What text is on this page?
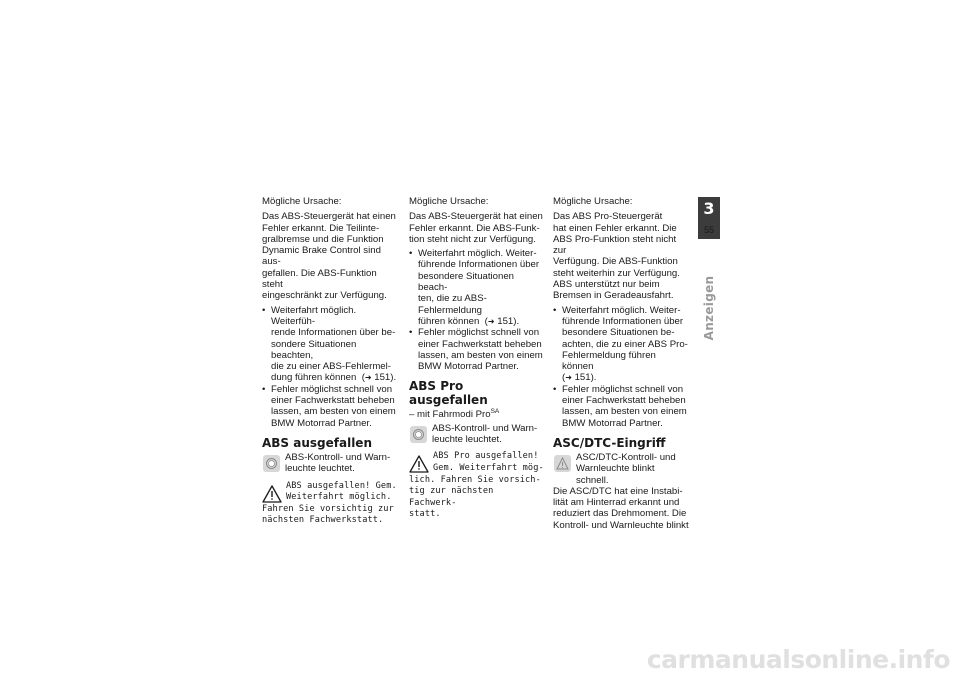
Mögliche Ursache:

Das ABS-Steuergerät hat einen
Fehler erkannt. Die Teilinte-
gralbremse und die Funktion
Dynamic Brake Control sind aus-
gefallen. Die ABS-Funktion steht
eingeschränkt zur Verfügung.

• Weiterfahrt möglich. Weiterfüh-
rende Informationen über be-
sondere Situationen beachten,
die zu einer ABS-Fehlermel-
dung führen können  (➜ 151).
• Fehler möglichst schnell von
einer Fachwerkstatt beheben
lassen, am besten von einem
BMW Motorrad Partner.
ABS ausgefallen
ABS-Kontroll- und Warn-
leuchte leuchtet.
ABS ausgefallen! Gem.
Weiterfahrt möglich.
Fahren Sie vorsichtig zur
nächsten Fachwerkstatt.

Mögliche Ursache:

Das ABS-Steuergerät hat einen
Fehler erkannt. Die ABS-Funk-
tion steht nicht zur Verfügung.

• Weiterfahrt möglich. Weiter-
führende Informationen über
besondere Situationen beach-
ten, die zu ABS-Fehlermeldung
führen können  (➜ 151).
• Fehler möglichst schnell von
einer Fachwerkstatt beheben
lassen, am besten von einem
BMW Motorrad Partner.
ABS Pro ausgefallen

– mit Fahrmodi Pro$^{SA}$

ABS-Kontroll- und Warn-
leuchte leuchtet.
ABS Pro ausgefallen!
Gem. Weiterfahrt mög-
lich. Fahren Sie vorsich-
tig zur nächsten Fachwerk-
statt.

Mögliche Ursache:

Das ABS Pro-Steuergerät
hat einen Fehler erkannt. Die
ABS Pro-Funktion steht nicht zur
Verfügung. Die ABS-Funktion
steht weiterhin zur Verfügung.
ABS unterstützt nur beim
Bremsen in Geradeausfahrt.

• Weiterfahrt möglich. Weiter-
führende Informationen über
besondere Situationen be-
achten, die zu einer ABS Pro-
Fehlermeldung führen können
(➜ 151).
• Fehler möglichst schnell von
einer Fachwerkstatt beheben
lassen, am besten von einem
BMW Motorrad Partner.
ASC/DTC-Eingriff
ASC/DTC-Kontroll- und
Warnleuchte blinkt schnell.

Die ASC/DTC hat eine Instabi-
lität am Hinterrad erkannt und
reduziert das Drehmoment. Die
Kontroll- und Warnleuchte blinkt

3
55
Anzeigen
carmanualsonline.info
